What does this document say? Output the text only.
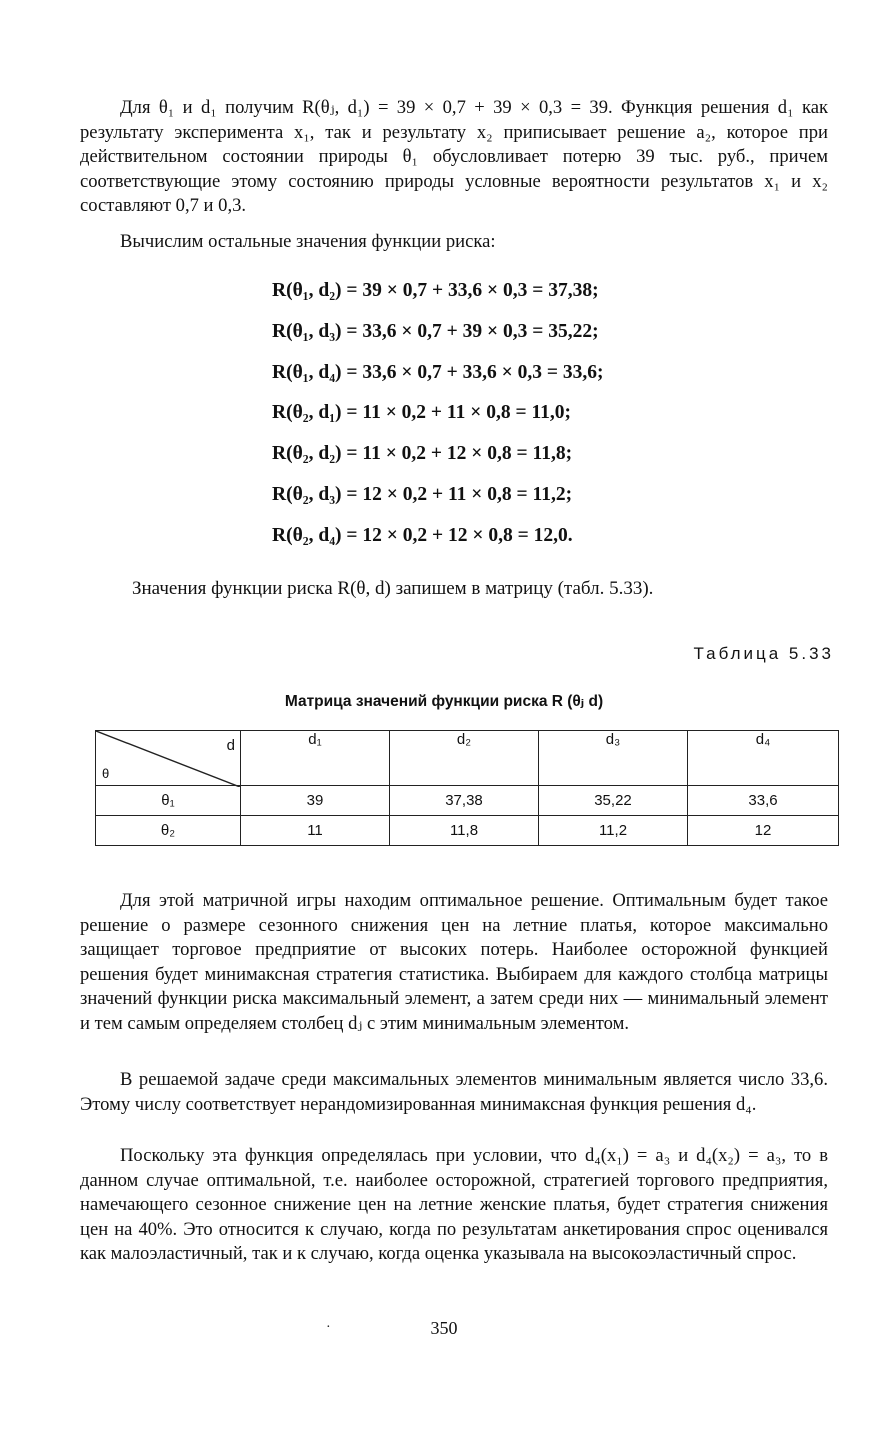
Для θ₁ и d₁ получим R(θⱼ, d₁) = 39 × 0,7 + 39 × 0,3 = 39. Функция решения d₁ как результату эксперимента x₁, так и результату x₂ приписывает решение a₂, которое при действительном состоянии природы θ₁ обусловливает потерю 39 тыс. руб., причем соответствующие этому состоянию природы условные вероятности результатов x₁ и x₂ составляют 0,7 и 0,3.

Вычислим остальные значения функции риска:

R(θ₁, d₂) = 39 × 0,7 + 33,6 × 0,3 = 37,38;
R(θ₁, d₃) = 33,6 × 0,7 + 39 × 0,3 = 35,22;
R(θ₁, d₄) = 33,6 × 0,7 + 33,6 × 0,3 = 33,6;
R(θ₂, d₁) = 11 × 0,2 + 11 × 0,8 = 11,0;
R(θ₂, d₂) = 11 × 0,2 + 12 × 0,8 = 11,8;
R(θ₂, d₃) = 12 × 0,2 + 11 × 0,8 = 11,2;
R(θ₂, d₄) = 12 × 0,2 + 12 × 0,8 = 12,0.
Значения функции риска R(θ, d) запишем в матрицу (табл. 5.33).
Таблица 5.33
Матрица значений функции риска R (θⱼ d)
d
θ	d₁	d₂	d₃	d₄
θ₁	39	37,38	35,22	33,6
θ₂	11	11,8	11,2	12

Для этой матричной игры находим оптимальное решение. Оптимальным будет такое решение о размере сезонного снижения цен на летние платья, которое максимально защищает торговое предприятие от высоких потерь. Наиболее осторожной функцией решения будет минимаксная стратегия статистика. Выбираем для каждого столбца матрицы значений функции риска максимальный элемент, а затем среди них — минимальный элемент и тем самым определяем столбец dⱼ с этим минимальным элементом.

В решаемой задаче среди максимальных элементов минимальным является число 33,6. Этому числу соответствует нерандомизированная минимаксная функция решения d₄.

Поскольку эта функция определялась при условии, что d₄(x₁) = a₃ и d₄(x₂) = a₃, то в данном случае оптимальной, т.е. наиболее осторожной, стратегией торгового предприятия, намечающего сезонное снижение цен на летние женские платья, будет стратегия снижения цен на 40%. Это относится к случаю, когда по результатам анкетирования спрос оценивался как малоэластичный, так и к случаю, когда оценка указывала на высокоэластичный спрос.

·	350
